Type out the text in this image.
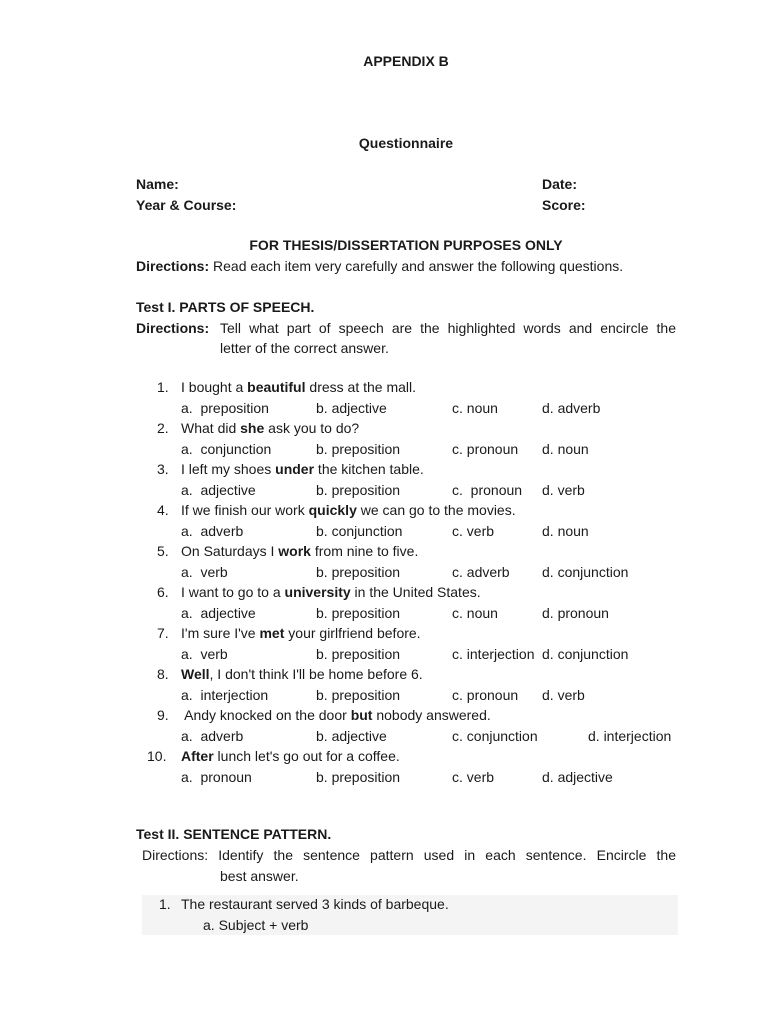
APPENDIX B
Questionnaire
Name:	Date:
Year & Course:	Score:
FOR THESIS/DISSERTATION PURPOSES ONLY
Directions: Read each item very carefully and answer the following questions.
Test I. PARTS OF SPEECH.
Directions: Tell what part of speech are the highlighted words and encircle the
letter of the correct answer.
1. I bought a beautiful dress at the mall.
a.  preposition	b. adjective	c. noun	d. adverb
2. What did she ask you to do?
a.  conjunction	b. preposition	c. pronoun d. noun
3. I left my shoes under the kitchen table.
a.  adjective	b. preposition	c.  pronoun d. verb
4. If we finish our work quickly we can go to the movies.
a.  adverb	b. conjunction	c. verb	d. noun
5. On Saturdays I work from nine to five.
a.  verb	b. preposition	c. adverb d. conjunction
6. I want to go to a university in the United States.
a.  adjective	b. preposition	c. noun	d. pronoun
7. I'm sure I've met your girlfriend before.
a.  verb	b. preposition	c. interjection d. conjunction
8. Well, I don't think I'll be home before 6.
a.  interjection	b. preposition	c. pronoun d. verb
9. Andy knocked on the door but nobody answered.
a.  adverb	b. adjective	c. conjunction	d. interjection
10. After lunch let's go out for a coffee.
a.  pronoun	b. preposition	c. verb	d. adjective
Test II. SENTENCE PATTERN.
Directions: Identify the sentence pattern used in each sentence. Encircle the
best answer.
1. The restaurant served 3 kinds of barbeque.
a. Subject + verb
